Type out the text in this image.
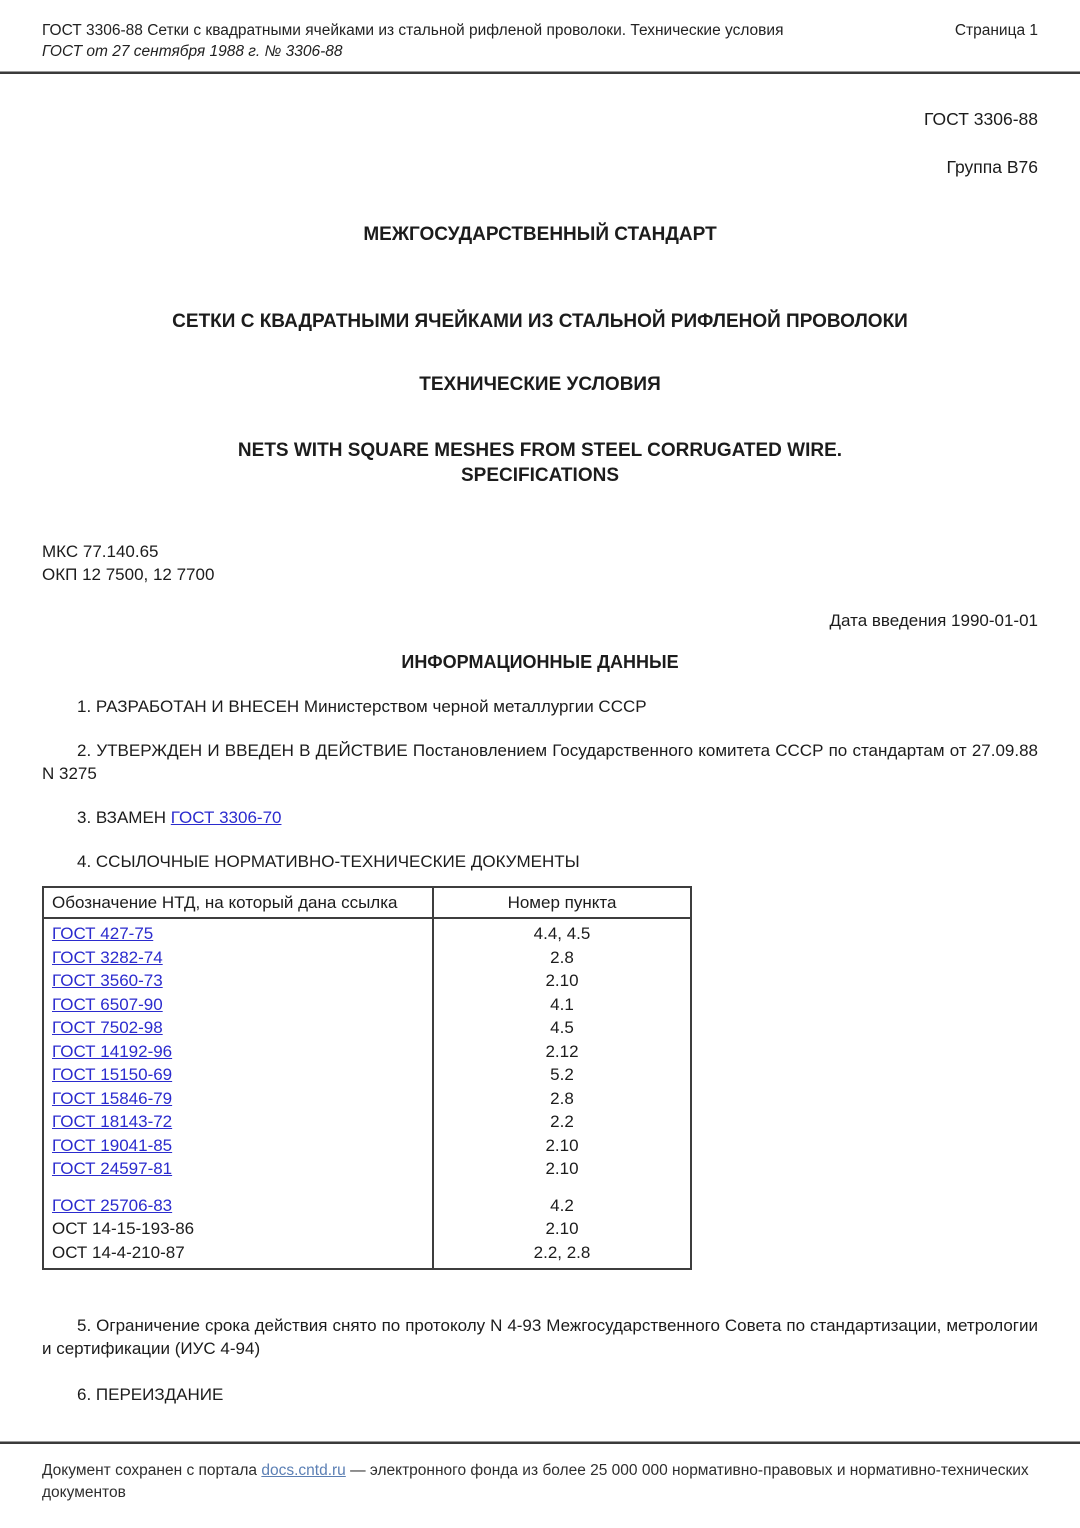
ГОСТ 3306-88 Сетки с квадратными ячейками из стальной рифленой проволоки. Технические условия
ГОСТ от 27 сентября 1988 г. № 3306-88
Страница 1

ГОСТ 3306-88

Группа В76

МЕЖГОСУДАРСТВЕННЫЙ СТАНДАРТ

СЕТКИ С КВАДРАТНЫМИ ЯЧЕЙКАМИ ИЗ СТАЛЬНОЙ РИФЛЕНОЙ ПРОВОЛОКИ

ТЕХНИЧЕСКИЕ УСЛОВИЯ

NETS WITH SQUARE MESHES FROM STEEL CORRUGATED WIRE.
SPECIFICATIONS

МКС 77.140.65

ОКП 12 7500, 12 7700

Дата введения 1990-01-01

ИНФОРМАЦИОННЫЕ ДАННЫЕ

1. РАЗРАБОТАН И ВНЕСЕН Министерством черной металлургии СССР

2. УТВЕРЖДЕН И ВВЕДЕН В ДЕЙСТВИЕ Постановлением Государственного комитета СССР по стандартам от 27.09.88 N 3275

3. ВЗАМЕН ГОСТ 3306-70

4. ССЫЛОЧНЫЕ НОРМАТИВНО-ТЕХНИЧЕСКИЕ ДОКУМЕНТЫ

Обозначение НТД, на который дана ссылка	Номер пункта
ГОСТ 427-75	4.4, 4.5
ГОСТ 3282-74	2.8
ГОСТ 3560-73	2.10
ГОСТ 6507-90	4.1
ГОСТ 7502-98	4.5
ГОСТ 14192-96	2.12
ГОСТ 15150-69	5.2
ГОСТ 15846-79	2.8
ГОСТ 18143-72	2.2
ГОСТ 19041-85	2.10
ГОСТ 24597-81	2.10
ГОСТ 25706-83	4.2
ОСТ 14-15-193-86	2.10
ОСТ 14-4-210-87	2.2, 2.8

5. Ограничение срока действия снято по протоколу N 4-93 Межгосударственного Совета по стандартизации, метрологии и сертификации (ИУС 4-94)

6. ПЕРЕИЗДАНИЕ

Документ сохранен с портала docs.cntd.ru — электронного фонда из более 25 000 000 нормативно-правовых и нормативно-технических документов
